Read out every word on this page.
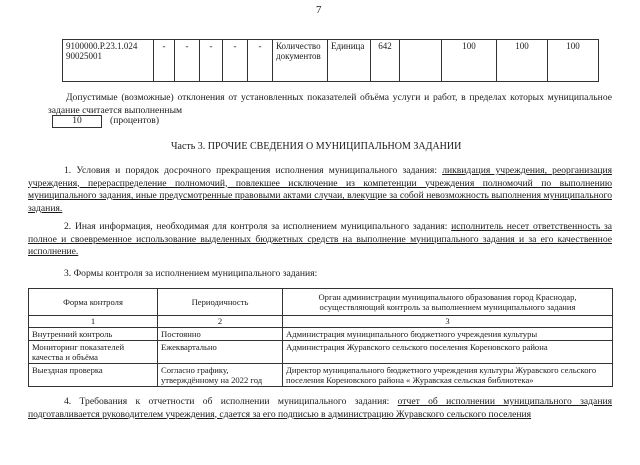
7
9100000.Р.23.1.024 90025001	-	-	-	-	-	Количество документов	Единица	642		100	100	100
Допустимые (возможные) отклонения от установленных показателей объёма услуги и работ, в пределах которых муниципальное задание считается выполненным
10	(процентов)
Часть 3. ПРОЧИЕ СВЕДЕНИЯ О МУНИЦИПАЛЬНОМ ЗАДАНИИ
1. Условия и порядок досрочного прекращения исполнения муниципального задания: ликвидация учреждения, реорганизация учреждения, перераспределение полномочий, повлекшее исключение из компетенции учреждения полномочий по выполнению муниципального задания, иные предусмотренные правовыми актами случаи, влекущие за собой невозможность выполнения муниципального задания.
2. Иная информация, необходимая для контроля за исполнением муниципального задания: исполнитель несет ответственность за полное и своевременное использование выделенных бюджетных средств на выполнение муниципального задания и за его качественное исполнение.
3. Формы контроля за исполнением муниципального задания:
Форма контроля	Периодичность	Орган администрации муниципального образования город Краснодар, осуществляющий контроль за выполнением муниципального задания
1	2	3
Внутренний контроль	Постоянно	Администрация муниципального бюджетного учреждения культуры
Мониторинг показателей качества и объёма	Ежеквартально	Администрация Журавского сельского поселения Кореновского района
Выездная проверка	Согласно графику, утверждённому на 2022 год	Директор муниципального бюджетного учреждения культуры Журавского сельского поселения Кореновского района « Журавская сельская библиотека»
4. Требования к отчетности об исполнении муниципального задания: отчет об исполнении муниципального задания подготавливается руководителем учреждения, сдается за его подписью в администрацию Журавского сельского поселения
